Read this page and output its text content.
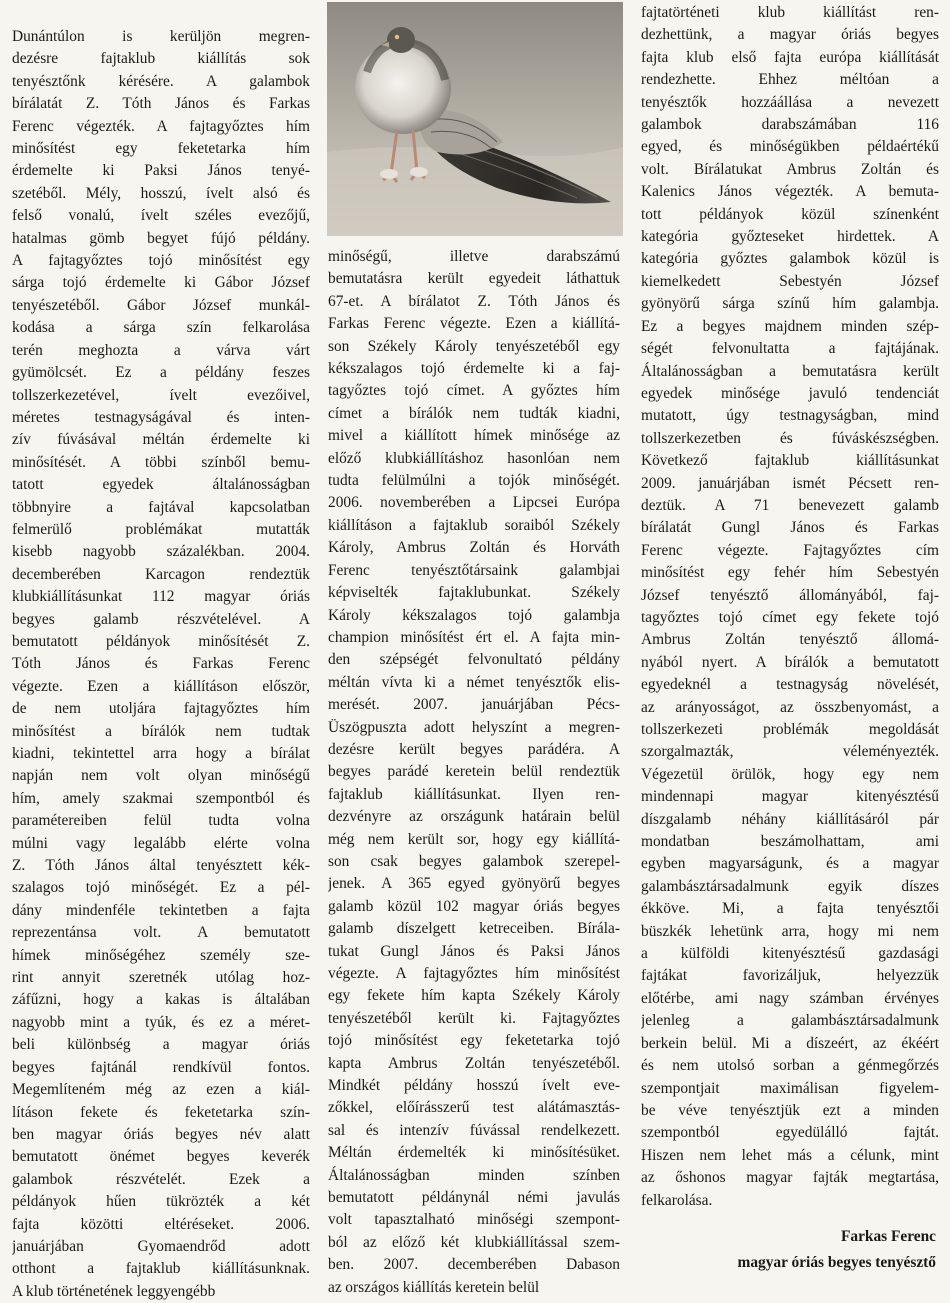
Dunántúlon is kerüljön megren-
dezésre fajtaklub kiállítás sok
tenyésztőnk kérésére. A galambok
bírálatát Z. Tóth János és Farkas
Ferenc végezték. A fajtagyőztes hím
minősítést egy feketetarka hím
érdemelte ki Paksi János tenyé-
szetéből. Mély, hosszú, ívelt alsó és
felső vonalú, ívelt széles evezőjű,
hatalmas gömb begyet fújó példány.
A fajtagyőztes tojó minősítést egy
sárga tojó érdemelte ki Gábor József
tenyészetéből. Gábor József munkál-
kodása a sárga szín felkarolása
terén meghozta a várva várt
gyümölcsét. Ez a példány feszes
tollszerkezetével, ívelt evezőivel,
méretes testnagyságával és inten-
zív fúvásával méltán érdemelte ki
minősítését. A többi színből bemu-
tatott egyedek általánosságban
többnyire a fajtával kapcsolatban
felmerülő problémákat mutatták
kisebb nagyobb százalékban. 2004.
decemberében Karcagon rendeztük
klubkiállításunkat 112 magyar óriás
begyes galamb részvételével. A
bemutatott példányok minősítését Z.
Tóth János és Farkas Ferenc
végezte. Ezen a kiállításon először,
de nem utoljára fajtagyőztes hím
minősítést a bírálók nem tudtak
kiadni, tekintettel arra hogy a bírálat
napján nem volt olyan minőségű
hím, amely szakmai szempontból és
paramétereiben felül tudta volna
múlni vagy legalább elérte volna
Z. Tóth János által tenyésztett kék-
szalagos tojó minőségét. Ez a pél-
dány mindenféle tekintetben a fajta
reprezentánsa volt. A bemutatott
hímek minőségéhez személy sze-
rint annyit szeretnék utólag hoz-
záfűzni, hogy a kakas is általában
nagyobb mint a tyúk, és ez a méret-
beli különbség a magyar óriás
begyes fajtánál rendkívül fontos.
Megemlíteném még az ezen a kiál-
lításon fekete és feketetarka szín-
ben magyar óriás begyes név alatt
bemutatott önémet begyes keverék
galambok részvételét. Ezek a
példányok hűen tükrözték a két
fajta közötti eltéréseket. 2006.
januárjában Gyomaendrőd adott
otthont a fajtaklub kiállításunknak.
A klub történetének leggyengébb

minőségű, illetve darabszámú
bemutatásra került egyedeit láthattuk
67-et. A bírálatot Z. Tóth János és
Farkas Ferenc végezte. Ezen a kiállítá-
son Székely Károly tenyészetéből egy
kékszalagos tojó érdemelte ki a faj-
tagyőztes tojó címet. A győztes hím
címet a bírálók nem tudták kiadni,
mivel a kiállított hímek minősége az
előző klubkiállításhoz hasonlóan nem
tudta felülmúlni a tojók minőségét.
2006. novemberében a Lipcsei Európa
kiállításon a fajtaklub soraiból Székely
Károly, Ambrus Zoltán és Horváth
Ferenc tenyésztőtársaink galambjai
képviselték fajtaklubunkat. Székely
Károly kékszalagos tojó galambja
champion minősítést ért el. A fajta min-
den szépségét felvonultató példány
méltán vívta ki a német tenyésztők elis-
merését. 2007. januárjában Pécs-
Üszögpuszta adott helyszínt a megren-
dezésre került begyes parádéra. A
begyes parádé keretein belül rendeztük
fajtaklub kiállításunkat. Ilyen ren-
dezvényre az országunk határain belül
még nem került sor, hogy egy kiállítá-
son csak begyes galambok szerepel-
jenek. A 365 egyed gyönyörű begyes
galamb közül 102 magyar óriás begyes
galamb díszelgett ketreceiben. Bírála-
tukat Gungl János és Paksi János
végezte. A fajtagyőztes hím minősítést
egy fekete hím kapta Székely Károly
tenyészetéből került ki. Fajtagyőztes
tojó minősítést egy feketetarka tojó
kapta Ambrus Zoltán tenyészetéből.
Mindkét példány hosszú ívelt eve-
zőkkel, előírásszerű test alátámasztás-
sal és intenzív fúvással rendelkezett.
Méltán érdemelték ki minősítésüket.
Általánosságban minden színben
bemutatott példánynál némi javulás
volt tapasztalható minőségi szempont-
ból az előző két klubkiállítással szem-
ben. 2007. decemberében Dabason
az országos kiállítás keretein belül

fajtatörténeti klub kiállítást ren-
dezhettünk, a magyar óriás begyes
fajta klub első fajta európa kiállítását
rendezhette. Ehhez méltóan a
tenyésztők hozzáállása a nevezett
galambok darabszámában 116
egyed, és minőségükben példaértékű
volt. Bírálatukat Ambrus Zoltán és
Kalenics János végezték. A bemuta-
tott példányok közül színenként
kategória győzteseket hirdettek. A
kategória győztes galambok közül is
kiemelkedett Sebestyén József
gyönyörű sárga színű hím galambja.
Ez a begyes majdnem minden szép-
ségét felvonultatta a fajtájának.
Általánosságban a bemutatásra került
egyedek minősége javuló tendenciát
mutatott, úgy testnagyságban, mind
tollszerkezetben és fúváskészségben.
Következő fajtaklub kiállításunkat
2009. januárjában ismét Pécsett ren-
deztük. A 71 benevezett galamb
bírálatát Gungl János és Farkas
Ferenc végezte. Fajtagyőztes cím
minősítést egy fehér hím Sebestyén
József tenyésztő állományából, faj-
tagyőztes tojó címet egy fekete tojó
Ambrus Zoltán tenyésztő állomá-
nyából nyert. A bírálók a bemutatott
egyedeknél a testnagyság növelését,
az arányosságot, az összbenyomást, a
tollszerkezeti problémák megoldását
szorgalmazták, véleményezték.
Végezetül örülök, hogy egy nem
mindennapi magyar kitenyésztésű
díszgalamb néhány kiállításáról pár
mondatban beszámolhattam, ami
egyben magyarságunk, és a magyar
galambásztársadalmunk egyik díszes
ékköve. Mi, a fajta tenyésztői
büszkék lehetünk arra, hogy mi nem
a külföldi kitenyésztésű gazdasági
fajtákat favorizáljuk, helyezzük
előtérbe, ami nagy számban érvényes
jelenleg a galambásztársadalmunk
berkein belül. Mi a díszeért, az ékéért
és nem utolsó sorban a génmegőrzés
szempontjait maximálisan figyelem-
be véve tenyésztjük ezt a minden
szempontból egyedülálló fajtát.
Hiszen nem lehet más a célunk, mint
az őshonos magyar fajták megtartása,
felkarolása.

Farkas Ferenc
magyar óriás begyes tenyésztő
